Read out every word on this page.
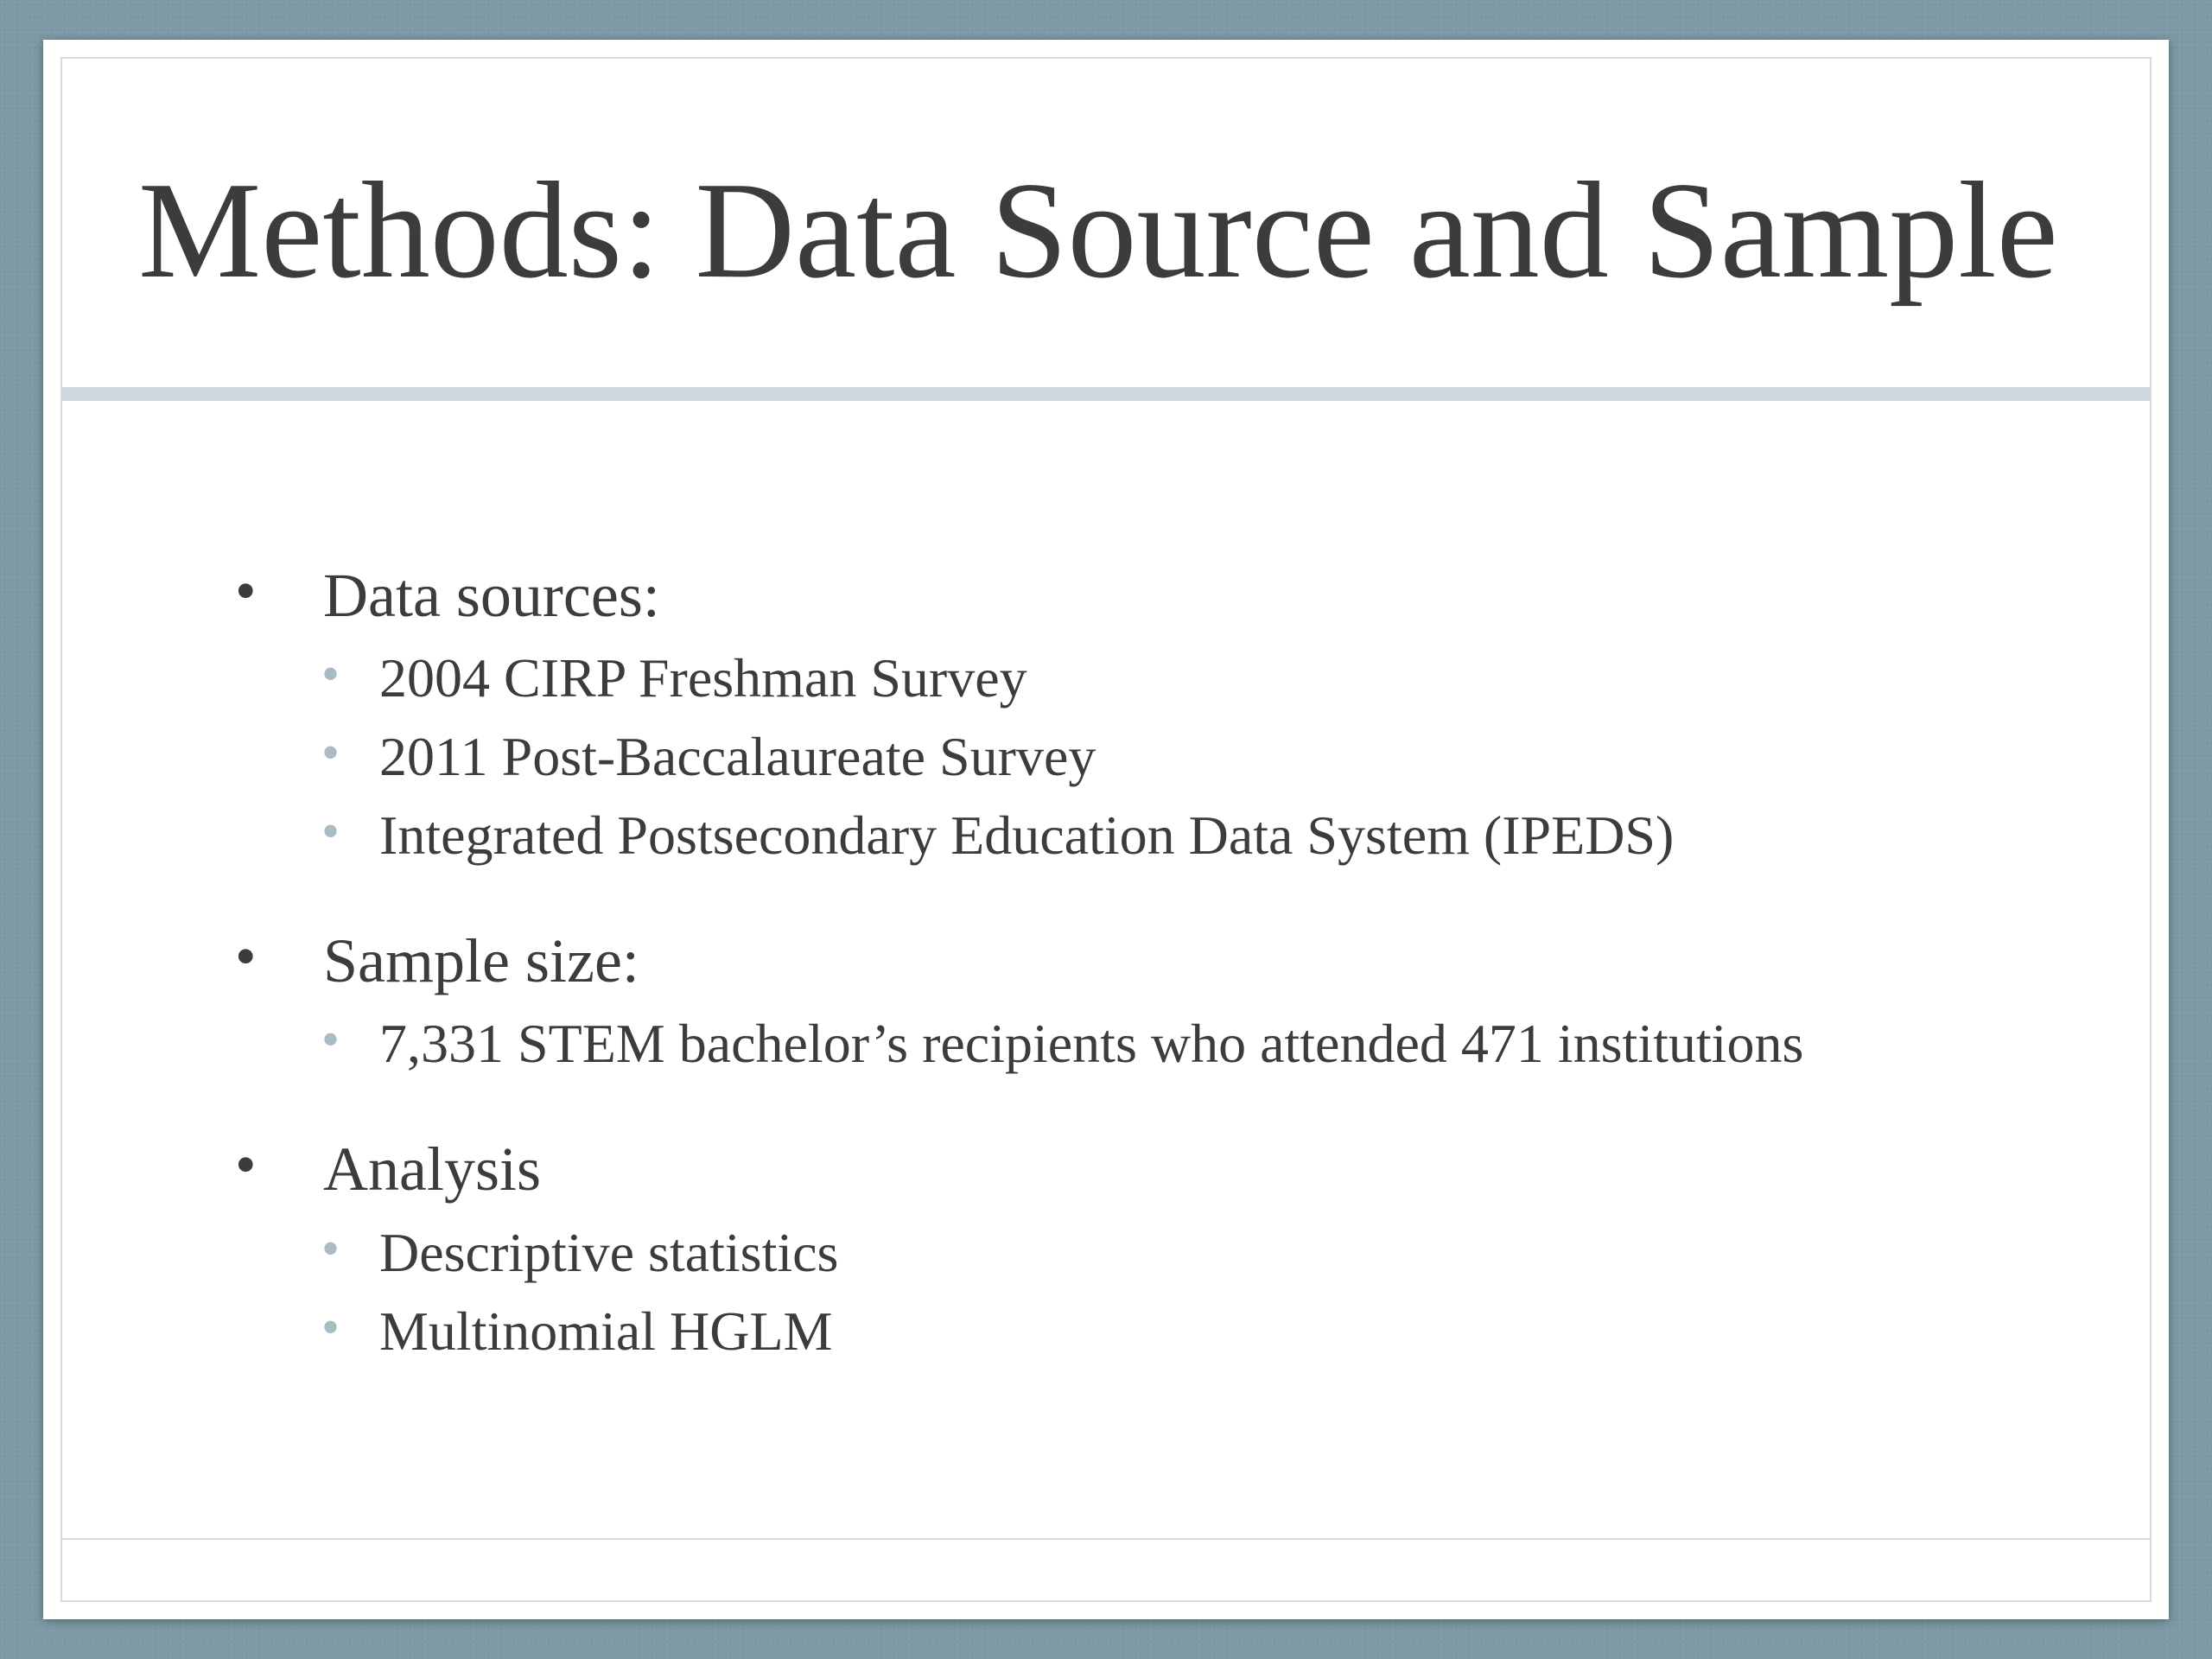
Methods: Data Source and Sample
• Data sources:
• 2004 CIRP Freshman Survey
• 2011 Post-Baccalaureate Survey
• Integrated Postsecondary Education Data System (IPEDS)
• Sample size:
• 7,331 STEM bachelor’s recipients who attended 471 institutions
• Analysis
• Descriptive statistics
• Multinomial HGLM
